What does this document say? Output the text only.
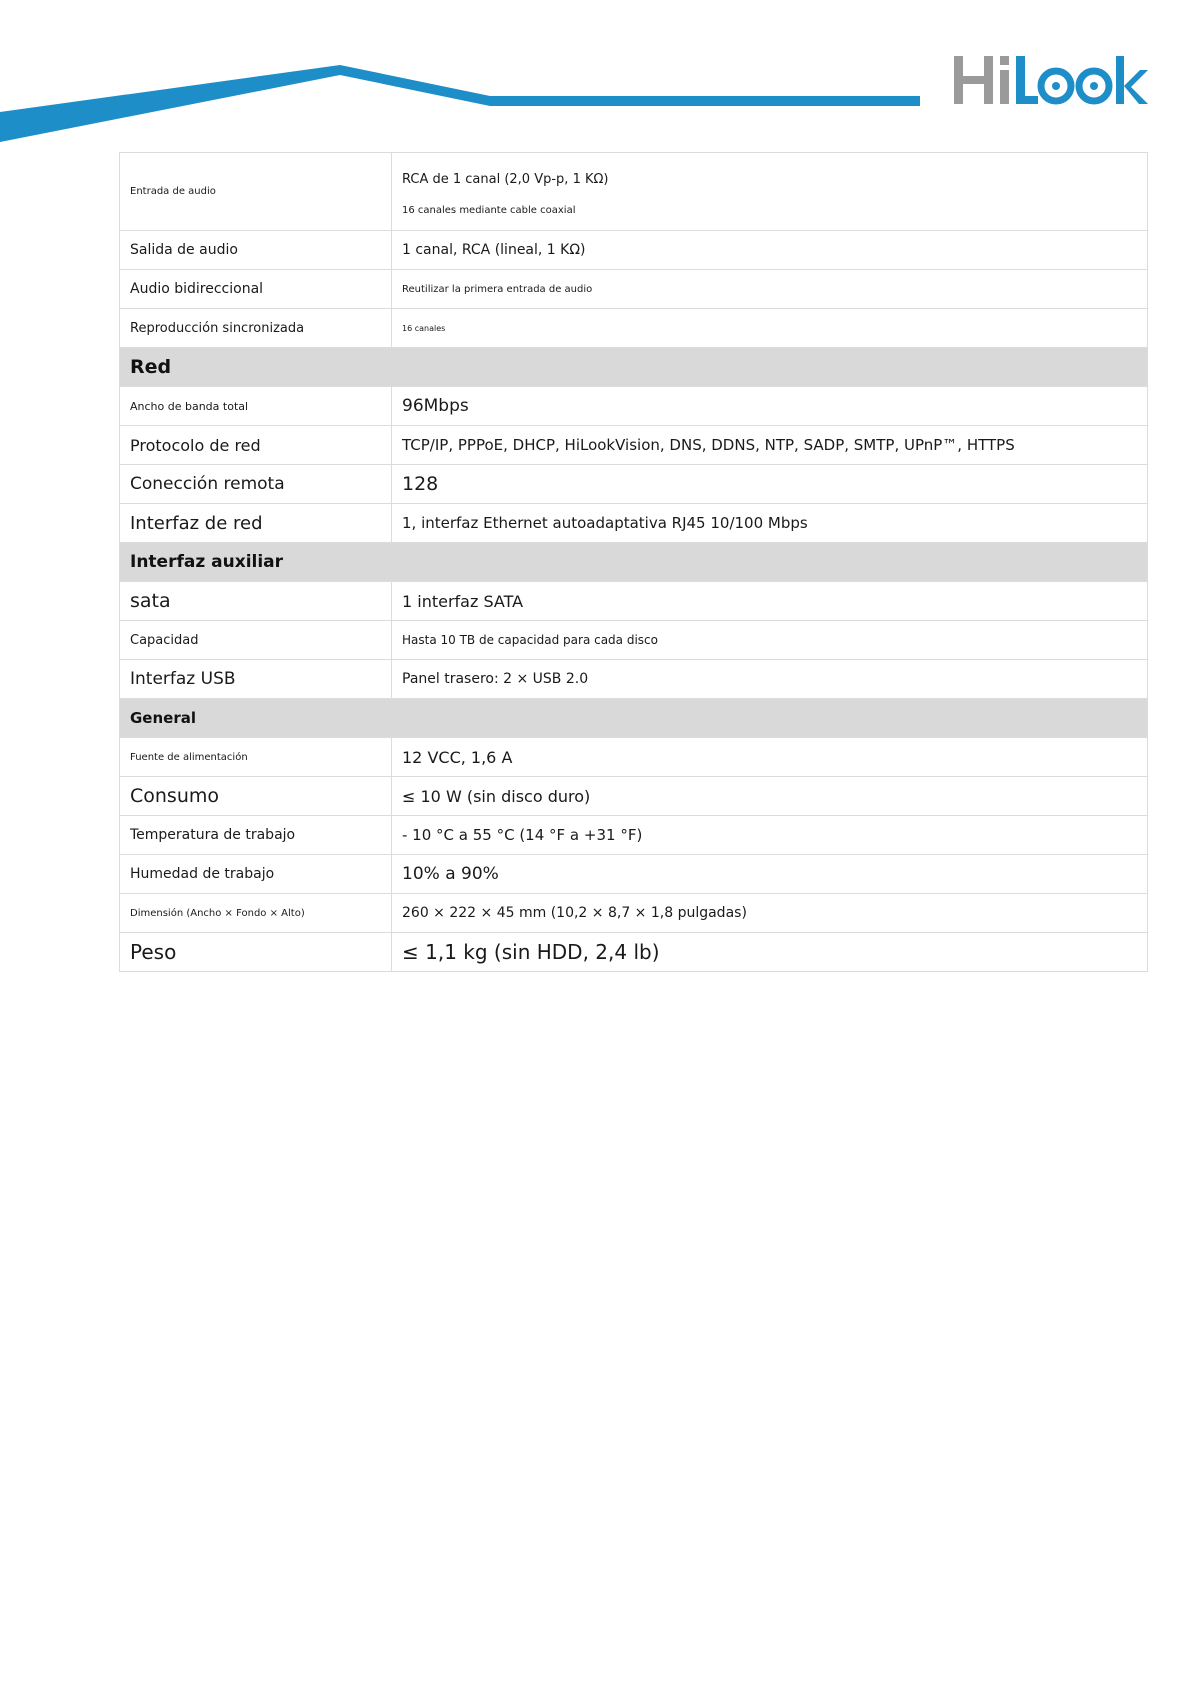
Entrada de audio	RCA de 1 canal (2,0 Vp-p, 1 KΩ)
16 canales mediante cable coaxial

Salida de audio	1 canal, RCA (lineal, 1 KΩ)
Audio bidireccional	Reutilizar la primera entrada de audio
Reproducción sincronizada	16 canales
Red	
Ancho de banda total	96Mbps
Protocolo de red	TCP/IP, PPPoE, DHCP, HiLookVision, DNS, DDNS, NTP, SADP, SMTP, UPnP™, HTTPS
Conección remota	128
Interfaz de red	1, interfaz Ethernet autoadaptativa RJ45 10/100 Mbps
Interfaz auxiliar	
sata	1 interfaz SATA
Capacidad	Hasta 10 TB de capacidad para cada disco
Interfaz USB	Panel trasero: 2 × USB 2.0
General	
Fuente de alimentación	12 VCC, 1,6 A
Consumo	≤ 10 W (sin disco duro)
Temperatura de trabajo	- 10 °C a 55 °C (14 °F a +31 °F)
Humedad de trabajo	10% a 90%
Dimensión (Ancho × Fondo × Alto)	260 × 222 × 45 mm (10,2 × 8,7 × 1,8 pulgadas)
Peso	≤ 1,1 kg (sin HDD, 2,4 lb)
